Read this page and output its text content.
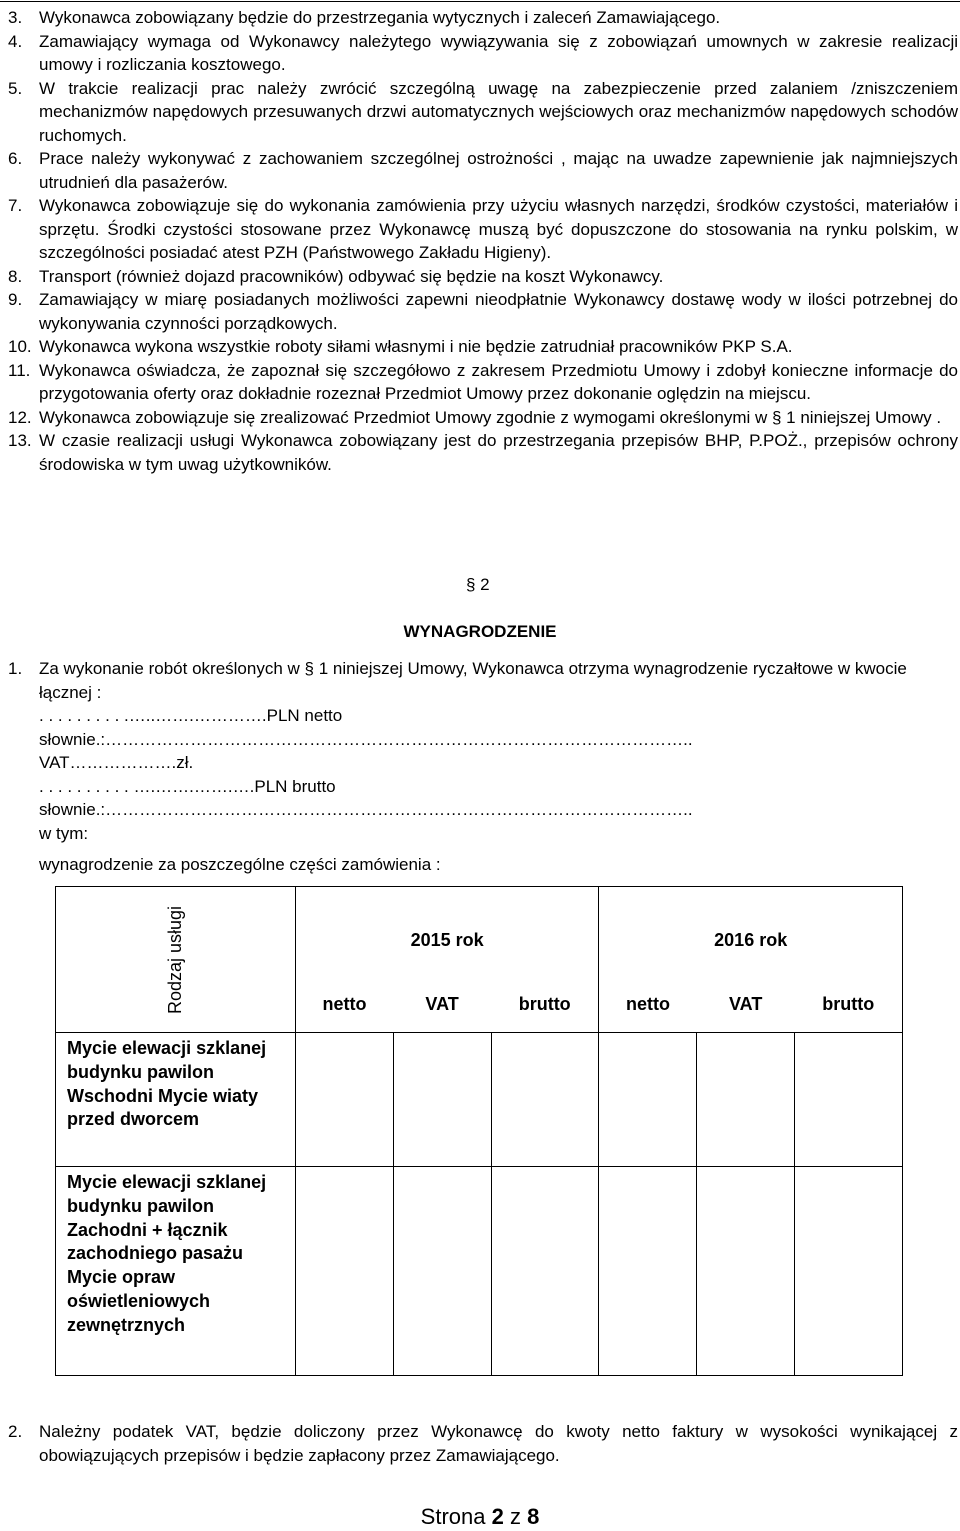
3. Wykonawca zobowiązany będzie do przestrzegania wytycznych i zaleceń Zamawiającego.
4. Zamawiający wymaga od Wykonawcy należytego wywiązywania się z zobowiązań umownych w zakresie realizacji umowy i rozliczania kosztowego.
5. W trakcie realizacji prac należy zwrócić szczególną uwagę na zabezpieczenie przed zalaniem /zniszczeniem mechanizmów napędowych przesuwanych drzwi automatycznych wejściowych oraz mechanizmów napędowych schodów ruchomych.
6. Prace należy wykonywać z zachowaniem szczególnej ostrożności , mając na uwadze zapewnienie jak najmniejszych utrudnień dla pasażerów.
7. Wykonawca zobowiązuje się do wykonania zamówienia przy użyciu własnych narzędzi, środków czystości, materiałów i sprzętu. Środki czystości stosowane przez Wykonawcę muszą być dopuszczone do stosowania na rynku polskim, w szczególności posiadać atest PZH (Państwowego Zakładu Higieny).
8. Transport (również dojazd pracowników) odbywać się będzie na koszt Wykonawcy.
9. Zamawiający w miarę posiadanych możliwości zapewni nieodpłatnie Wykonawcy dostawę wody w ilości potrzebnej do wykonywania czynności porządkowych.
10. Wykonawca wykona wszystkie roboty siłami własnymi i nie będzie zatrudniał pracowników PKP S.A.
11. Wykonawca oświadcza, że zapoznał się szczegółowo z zakresem Przedmiotu Umowy i zdobył konieczne informacje do przygotowania oferty oraz dokładnie rozeznał Przedmiot Umowy przez dokonanie oględzin na miejscu.
12. Wykonawca zobowiązuje się zrealizować Przedmiot Umowy zgodnie z wymogami określonymi w § 1 niniejszej Umowy .
13. W czasie realizacji usługi Wykonawca zobowiązany jest do przestrzegania przepisów BHP, P.POŻ., przepisów ochrony środowiska w tym uwag użytkowników.
§ 2
WYNAGRODZENIE
1. Za wykonanie robót określonych w § 1 niniejszej Umowy, Wykonawca otrzyma wynagrodzenie ryczałtowe w kwocie łącznej :
. . . . . . . . . .…..…….………….PLN netto
słownie.:…………………………………………………………………………………………..
VAT……………….zł.
. . . . . . . . . . ….…….…….….PLN brutto
słownie.:…………………………………………………………………………………………..
w tym:
wynagrodzenie za poszczególne części zamówienia :
Rodzaj usługi	2015 rok			2016 rok		
	netto	VAT	brutto	netto	VAT	brutto
Mycie elewacji szklanej budynku pawilon Wschodni Mycie wiaty przed dworcem						
Mycie elewacji szklanej budynku pawilon Zachodni + łącznik zachodniego pasażu Mycie opraw oświetleniowych zewnętrznych						
2. Należny podatek VAT, będzie doliczony przez Wykonawcę do kwoty netto faktury w wysokości wynikającej z obowiązujących przepisów i będzie zapłacony przez Zamawiającego.
Strona 2 z 8
